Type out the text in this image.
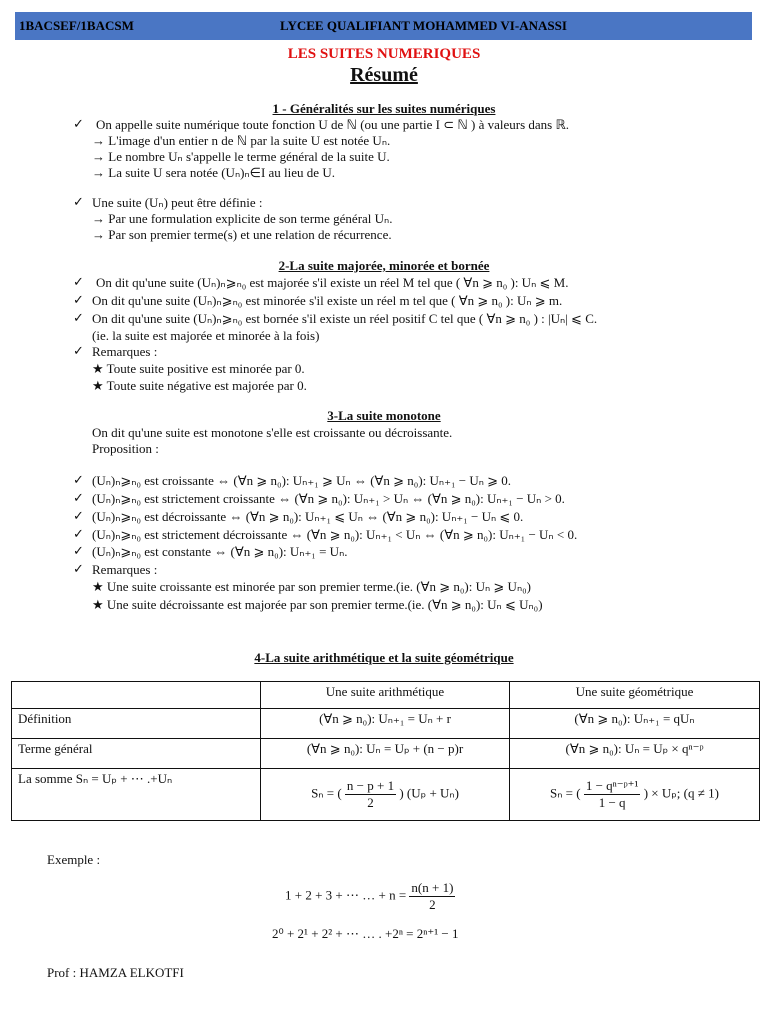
1BACSEF/1BACSM	LYCEE QUALIFIANT MOHAMMED VI-ANASSI
LES SUITES NUMERIQUES
Résumé
1 - Généralités sur les suites numériques
✓ On appelle suite numérique toute fonction U de ℕ (ou une partie I ⊂ ℕ ) à valeurs dans ℝ.
→ L'image d'un entier n de ℕ par la suite U est notée Uₙ.
→ Le nombre Uₙ s'appelle le terme général de la suite U.
→ La suite U sera notée (Uₙ)ₙ∈I au lieu de U.
✓ Une suite (Uₙ) peut être définie :
→ Par une formulation explicite de son terme général Uₙ.
→ Par son premier terme(s) et une relation de récurrence.
2-La suite majorée, minorée et bornée
✓ On dit qu'une suite (Uₙ)ₙ⩾ₙ₀ est majorée s'il existe un réel M tel que ( ∀n ⩾ n₀ ): Uₙ ⩽ M.
✓ On dit qu'une suite (Uₙ)ₙ⩾ₙ₀ est minorée s'il existe un réel m tel que ( ∀n ⩾ n₀ ): Uₙ ⩾ m.
✓ On dit qu'une suite (Uₙ)ₙ⩾ₙ₀ est bornée s'il existe un réel positif C tel que ( ∀n ⩾ n₀ ) : |Uₙ| ⩽ C.
(ie. la suite est majorée et minorée à la fois)
✓ Remarques :
★ Toute suite positive est minorée par 0.
★ Toute suite négative est majorée par 0.
3-La suite monotone
On dit qu'une suite est monotone s'elle est croissante ou décroissante.
Proposition :
✓ (Uₙ)ₙ⩾ₙ₀ est croissante ⇔ (∀n ⩾ n₀): Uₙ₊₁ ⩾ Uₙ ⇔ (∀n ⩾ n₀): Uₙ₊₁ − Uₙ ⩾ 0.
✓ (Uₙ)ₙ⩾ₙ₀ est strictement croissante ⇔ (∀n ⩾ n₀): Uₙ₊₁ > Uₙ ⇔ (∀n ⩾ n₀): Uₙ₊₁ − Uₙ > 0.
✓ (Uₙ)ₙ⩾ₙ₀ est décroissante ⇔ (∀n ⩾ n₀): Uₙ₊₁ ⩽ Uₙ ⇔ (∀n ⩾ n₀): Uₙ₊₁ − Uₙ ⩽ 0.
✓ (Uₙ)ₙ⩾ₙ₀ est strictement décroissante ⇔ (∀n ⩾ n₀): Uₙ₊₁ < Uₙ ⇔ (∀n ⩾ n₀): Uₙ₊₁ − Uₙ < 0.
✓ (Uₙ)ₙ⩾ₙ₀ est constante ⇔ (∀n ⩾ n₀): Uₙ₊₁ = Uₙ.
✓ Remarques :
★ Une suite croissante est minorée par son premier terme.(ie. (∀n ⩾ n₀): Uₙ ⩾ Uₙ₀)
★ Une suite décroissante est majorée par son premier terme.(ie. (∀n ⩾ n₀): Uₙ ⩽ Uₙ₀)
4-La suite arithmétique et la suite géométrique
	Une suite arithmétique	Une suite géométrique
Définition	(∀n ⩾ n₀): Uₙ₊₁ = Uₙ + r	(∀n ⩾ n₀): Uₙ₊₁ = qUₙ
Terme général	(∀n ⩾ n₀): Uₙ = Uₚ + (n − p)r	(∀n ⩾ n₀): Uₙ = Uₚ × qⁿ⁻ᵖ
La somme Sₙ = Uₚ + ⋯ .+Uₙ	Sₙ = ( $\frac{n - p + 1}{2}$ ) (Uₚ + Uₙ)	Sₙ = ( $\frac{\text{1 − qⁿ⁻ᵖ⁺¹}}{1 - q}$ ) × Uₚ; (q ≠ 1)
Exemple :
1 + 2 + 3 + ⋯ … + $n = \frac{n(n + 1)}{2}$
2⁰ + 2¹ + 2² + ⋯ … . +2ⁿ = 2ⁿ⁺¹ − 1
Prof : HAMZA ELKOTFI
